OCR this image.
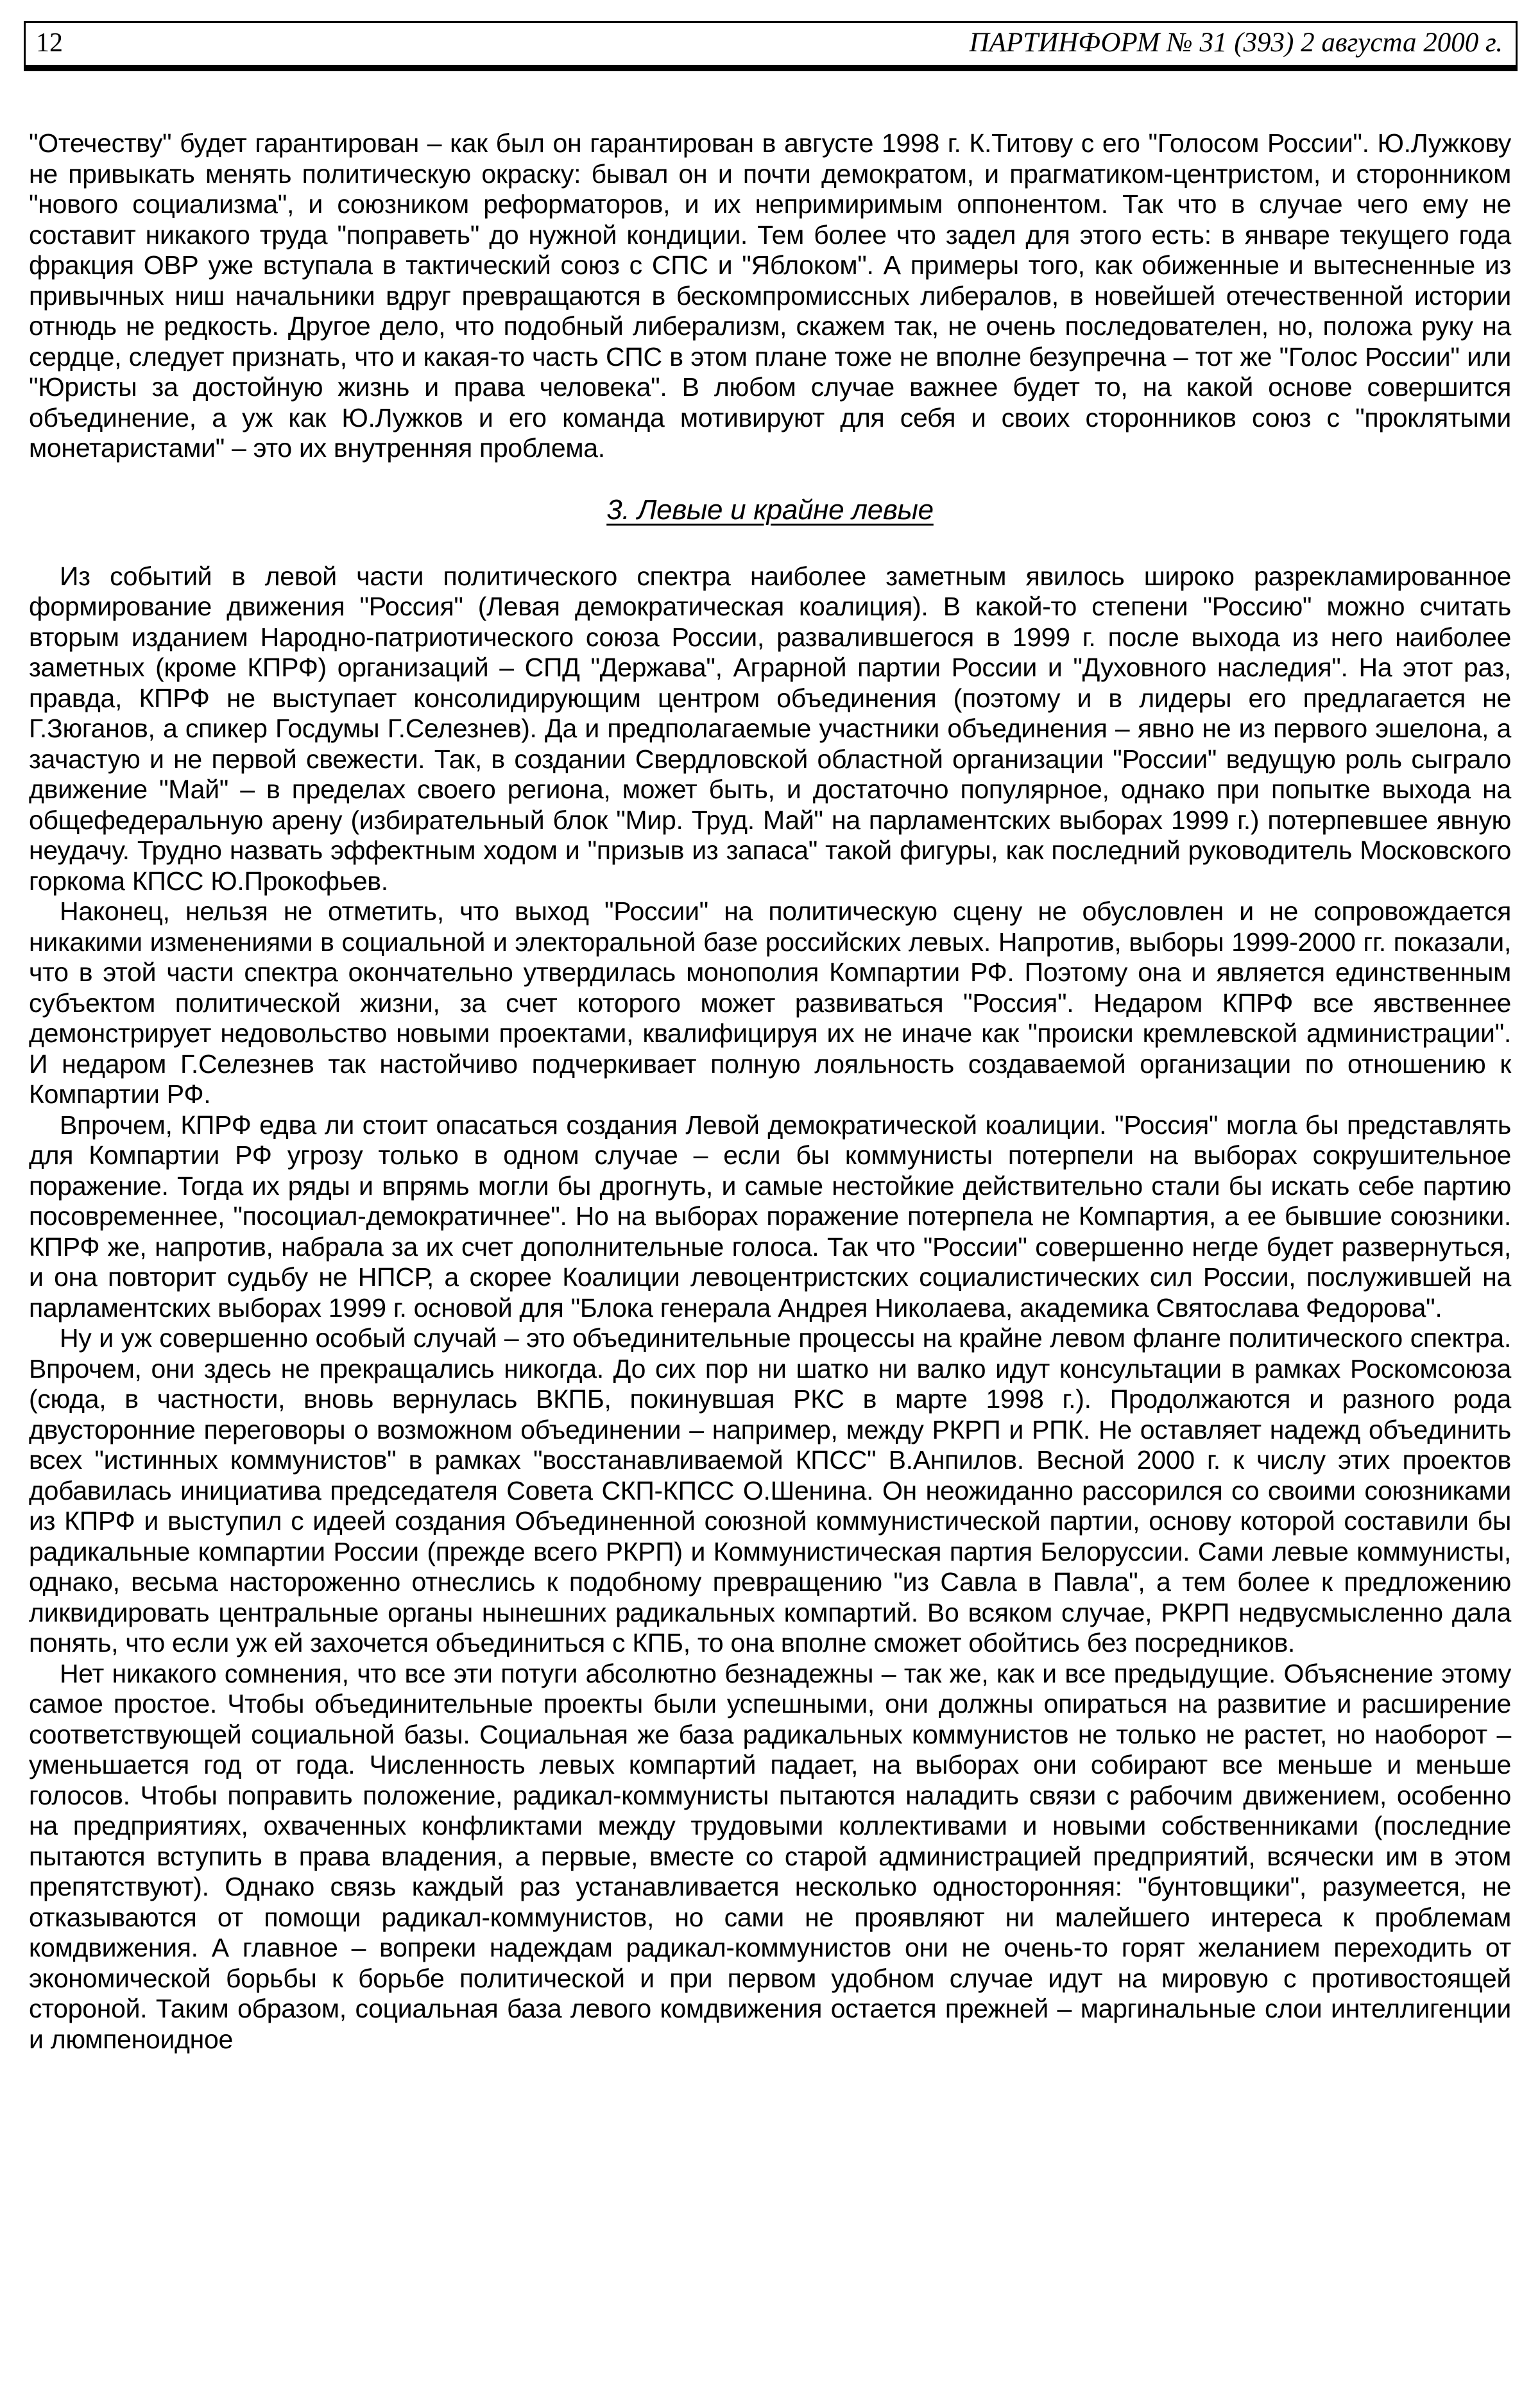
12	ПАРТИНФОРМ № 31 (393) 2 августа 2000 г.

"Отечеству" будет гарантирован – как был он гарантирован в августе 1998 г. К.Титову с его "Голосом России". Ю.Лужкову не привыкать менять политическую окраску: бывал он и почти демократом, и прагматиком-центристом, и сторонником "нового социализма", и союзником реформаторов, и их непримиримым оппонентом. Так что в случае чего ему не составит никакого труда "поправеть" до нужной кондиции. Тем более что задел для этого есть: в январе текущего года фракция ОВР уже вступала в тактический союз с СПС и "Яблоком". А примеры того, как обиженные и вытесненные из привычных ниш начальники вдруг превращаются в бескомпромиссных либералов, в новейшей отечественной истории отнюдь не редкость. Другое дело, что подобный либерализм, скажем так, не очень последователен, но, положа руку на сердце, следует признать, что и какая-то часть СПС в этом плане тоже не вполне безупречна – тот же "Голос России" или "Юристы за достойную жизнь и права человека". В любом случае важнее будет то, на какой основе совершится объединение, а уж как Ю.Лужков и его команда мотивируют для себя и своих сторонников союз с "проклятыми монетаристами" – это их внутренняя проблема.

3. Левые и крайне левые

Из событий в левой части политического спектра наиболее заметным явилось широко разрекламированное формирование движения "Россия" (Левая демократическая коалиция). В какой-то степени "Россию" можно считать вторым изданием Народно-патриотического союза России, развалившегося в 1999 г. после выхода из него наиболее заметных (кроме КПРФ) организаций – СПД "Держава", Аграрной партии России и "Духовного наследия". На этот раз, правда, КПРФ не выступает консолидирующим центром объединения (поэтому и в лидеры его предлагается не Г.Зюганов, а спикер Госдумы Г.Селезнев). Да и предполагаемые участники объединения – явно не из первого эшелона, а зачастую и не первой свежести. Так, в создании Свердловской областной организации "России" ведущую роль сыграло движение "Май" – в пределах своего региона, может быть, и достаточно популярное, однако при попытке выхода на общефедеральную арену (избирательный блок "Мир. Труд. Май" на парламентских выборах 1999 г.) потерпевшее явную неудачу. Трудно назвать эффектным ходом и "призыв из запаса" такой фигуры, как последний руководитель Московского горкома КПСС Ю.Прокофьев.

Наконец, нельзя не отметить, что выход "России" на политическую сцену не обусловлен и не сопровождается никакими изменениями в социальной и электоральной базе российских левых. Напротив, выборы 1999-2000 гг. показали, что в этой части спектра окончательно утвердилась монополия Компартии РФ. Поэтому она и является единственным субъектом политической жизни, за счет которого может развиваться "Россия". Недаром КПРФ все явственнее демонстрирует недовольство новыми проектами, квалифицируя их не иначе как "происки кремлевской администрации". И недаром Г.Селезнев так настойчиво подчеркивает полную лояльность создаваемой организации по отношению к Компартии РФ.

Впрочем, КПРФ едва ли стоит опасаться создания Левой демократической коалиции. "Россия" могла бы представлять для Компартии РФ угрозу только в одном случае – если бы коммунисты потерпели на выборах сокрушительное поражение. Тогда их ряды и впрямь могли бы дрогнуть, и самые нестойкие действительно стали бы искать себе партию посовременнее, "посоциал-демократичнее". Но на выборах поражение потерпела не Компартия, а ее бывшие союзники. КПРФ же, напротив, набрала за их счет дополнительные голоса. Так что "России" совершенно негде будет развернуться, и она повторит судьбу не НПСР, а скорее Коалиции левоцентристских социалистических сил России, послужившей на парламентских выборах 1999 г. основой для "Блока генерала Андрея Николаева, академика Святослава Федорова".

Ну и уж совершенно особый случай – это объединительные процессы на крайне левом фланге политического спектра. Впрочем, они здесь не прекращались никогда. До сих пор ни шатко ни валко идут консультации в рамках Роскомсоюза (сюда, в частности, вновь вернулась ВКПБ, покинувшая РКС в марте 1998 г.). Продолжаются и разного рода двусторонние переговоры о возможном объединении – например, между РКРП и РПК. Не оставляет надежд объединить всех "истинных коммунистов" в рамках "восстанавливаемой КПСС" В.Анпилов. Весной 2000 г. к числу этих проектов добавилась инициатива председателя Совета СКП-КПСС О.Шенина. Он неожиданно рассорился со своими союзниками из КПРФ и выступил с идеей создания Объединенной союзной коммунистической партии, основу которой составили бы радикальные компартии России (прежде всего РКРП) и Коммунистическая партия Белоруссии. Сами левые коммунисты, однако, весьма настороженно отнеслись к подобному превращению "из Савла в Павла", а тем более к предложению ликвидировать центральные органы нынешних радикальных компартий. Во всяком случае, РКРП недвусмысленно дала понять, что если уж ей захочется объединиться с КПБ, то она вполне сможет обойтись без посредников.

Нет никакого сомнения, что все эти потуги абсолютно безнадежны – так же, как и все предыдущие. Объяснение этому самое простое. Чтобы объединительные проекты были успешными, они должны опираться на развитие и расширение соответствующей социальной базы. Социальная же база радикальных коммунистов не только не растет, но наоборот – уменьшается год от года. Численность левых компартий падает, на выборах они собирают все меньше и меньше голосов. Чтобы поправить положение, радикал-коммунисты пытаются наладить связи с рабочим движением, особенно на предприятиях, охваченных конфликтами между трудовыми коллективами и новыми собственниками (последние пытаются вступить в права владения, а первые, вместе со старой администрацией предприятий, всячески им в этом препятствуют). Однако связь каждый раз устанавливается несколько односторонняя: "бунтовщики", разумеется, не отказываются от помощи радикал-коммунистов, но сами не проявляют ни малейшего интереса к проблемам комдвижения. А главное – вопреки надеждам радикал-коммунистов они не очень-то горят желанием переходить от экономической борьбы к борьбе политической и при первом удобном случае идут на мировую с противостоящей стороной. Таким образом, социальная база левого комдвижения остается прежней – маргинальные слои интеллигенции и люмпеноидное
